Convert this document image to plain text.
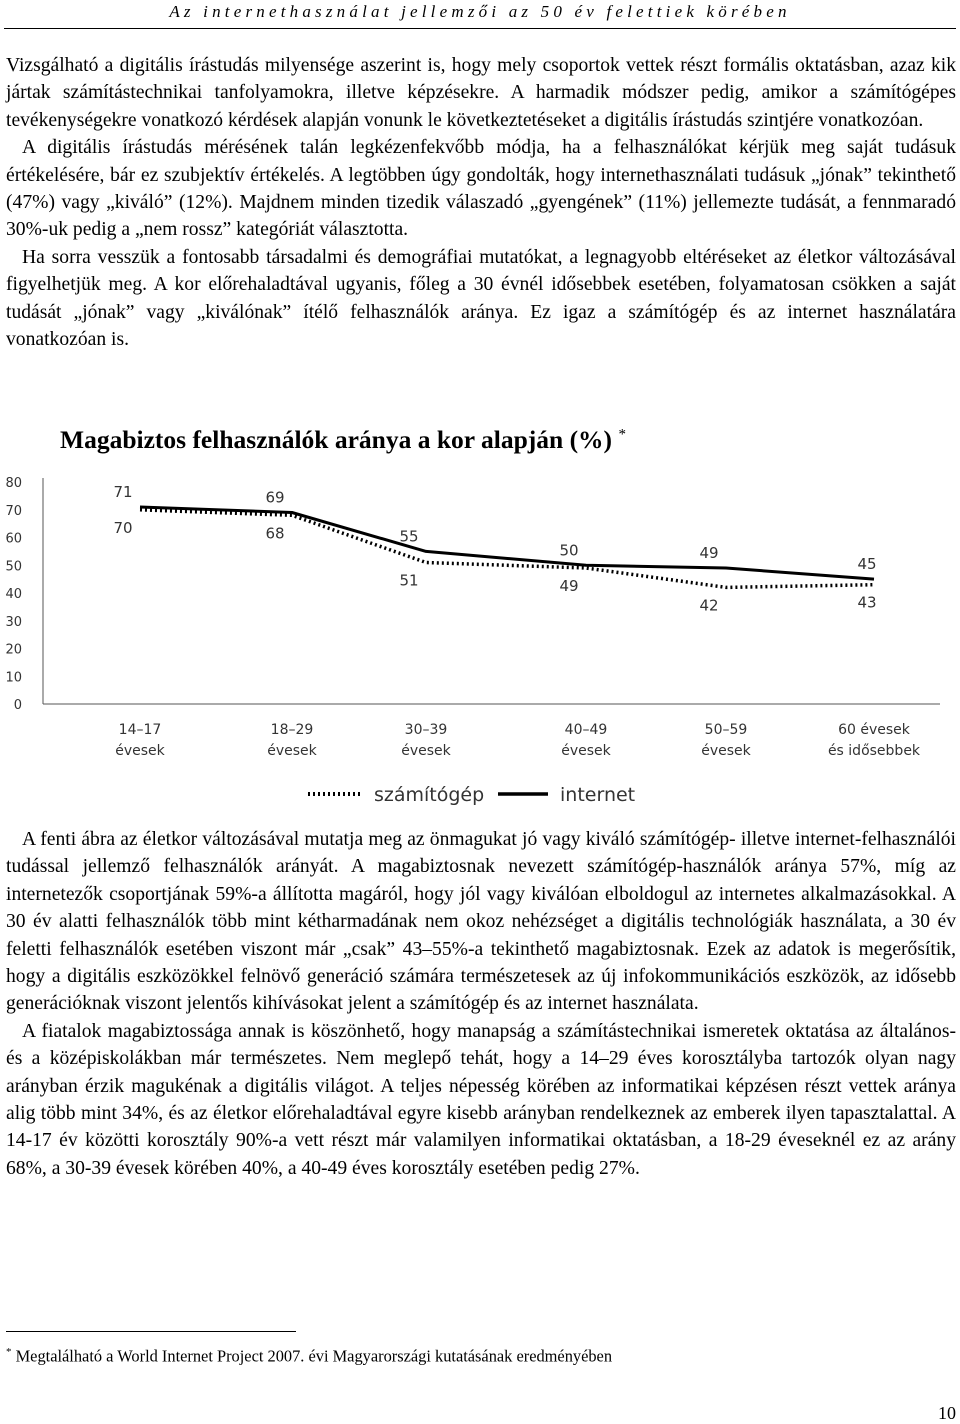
Az internethasználat jellemzői az 50 év felettiek körében

Vizsgálható a digitális írástudás milyensége aszerint is, hogy mely csoportok vettek részt formális oktatásban, azaz kik jártak számítástechnikai tanfolyamokra, illetve képzésekre. A harmadik módszer pedig, amikor a számítógépes tevékenységekre vonatkozó kérdések alapján vonunk le következtetéseket a digitális írástudás szintjére vonatkozóan.

A digitális írástudás mérésének talán legkézenfekvőbb módja, ha a felhasználókat kérjük meg saját tudásuk értékelésére, bár ez szubjektív értékelés. A legtöbben úgy gondolták, hogy internethasználati tudásuk „jónak” tekinthető (47%) vagy „kiváló” (12%). Majdnem minden tizedik válaszadó „gyengének” (11%) jellemezte tudását, a fennmaradó 30%-uk pedig a „nem rossz” kategóriát választotta.

Ha sorra vesszük a fontosabb társadalmi és demográfiai mutatókat, a legnagyobb eltéréseket az életkor változásával figyelhetjük meg. A kor előrehaladtával ugyanis, főleg a 30 évnél idősebbek esetében, folyamatosan csökken a saját tudását „jónak” vagy „kiválónak” ítélő felhasználók aránya. Ez igaz a számítógép és az internet használatára vonatkozóan is.

Magabiztos felhasználók aránya a kor alapján (%) *
0
10
20
30
40
50
60
70
80
14–17
évesek
18–29
évesek
30–39
évesek
40–49
évesek
50–59
évesek
60 évesek
és idősebbek
70	68
51	49
42	43
71	69
55
50	49
45
számítógép	internet

A fenti ábra az életkor változásával mutatja meg az önmagukat jó vagy kiváló számítógép- illetve internet-felhasználói tudással jellemző felhasználók arányát. A magabiztosnak nevezett számítógép-használók aránya 57%, míg az internetezők csoportjának 59%-a állította magáról, hogy jól vagy kiválóan elboldogul az internetes alkalmazásokkal. A 30 év alatti felhasználók több mint kétharmadának nem okoz nehézséget a digitális technológiák használata, a 30 év feletti felhasználók esetében viszont már „csak” 43–55%-a tekinthető magabiztosnak. Ezek az adatok is megerősítik, hogy a digitális eszközökkel felnövő generáció számára természetesek az új infokommunikációs eszközök, az idősebb generációknak viszont jelentős kihívásokat jelent a számítógép és az internet használata.

A fiatalok magabiztossága annak is köszönhető, hogy manapság a számítástechnikai ismeretek oktatása az általános- és a középiskolákban már természetes. Nem meglepő tehát, hogy a 14–29 éves korosztályba tartozók olyan nagy arányban érzik magukénak a digitális világot. A teljes népesség körében az informatikai képzésen részt vettek aránya alig több mint 34%, és az életkor előrehaladtával egyre kisebb arányban rendelkeznek az emberek ilyen tapasztalattal. A 14-17 év közötti korosztály 90%-a vett részt már valamilyen informatikai oktatásban, a 18-29 éveseknél ez az arány 68%, a 30-39 évesek körében 40%, a 40-49 éves korosztály esetében pedig 27%.

* Megtalálható a World Internet Project 2007. évi Magyarországi kutatásának eredményében
10
